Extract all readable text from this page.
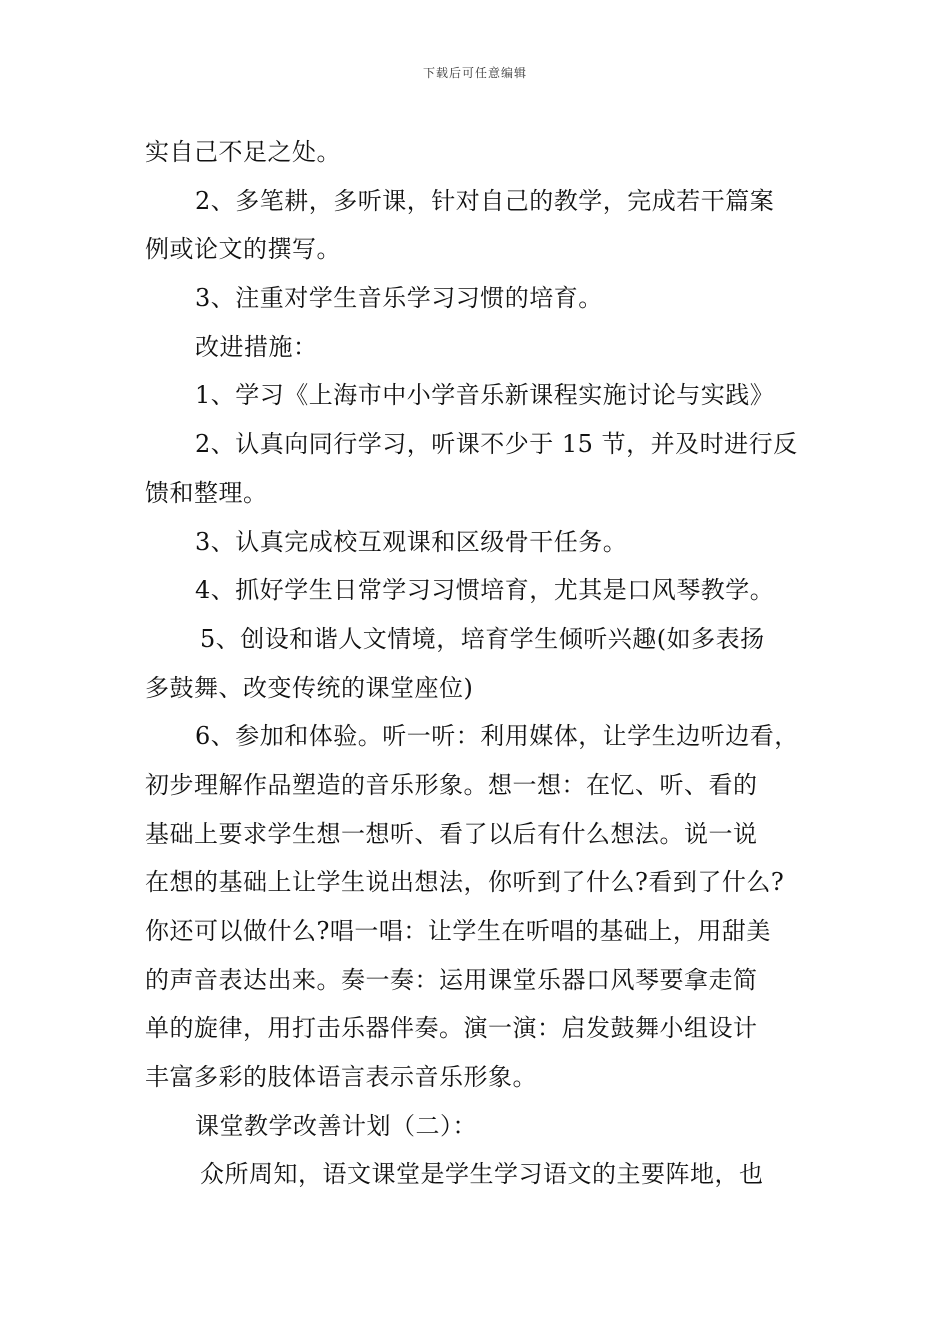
下载后可任意编辑
实自己不足之处。
2、多笔耕，多听课，针对自己的教学，完成若干篇案
例或论文的撰写。
3、注重对学生音乐学习习惯的培育。
改进措施：
1、学习《上海市中小学音乐新课程实施讨论与实践》
2、认真向同行学习，听课不少于 15 节，并及时进行反
馈和整理。
3、认真完成校互观课和区级骨干任务。
4、抓好学生日常学习习惯培育，尤其是口风琴教学。
5、创设和谐人文情境，培育学生倾听兴趣(如多表扬
多鼓舞、改变传统的课堂座位)
6、参加和体验。听一听：利用媒体，让学生边听边看，
初步理解作品塑造的音乐形象。想一想：在忆、听、看的
基础上要求学生想一想听、看了以后有什么想法。说一说
在想的基础上让学生说出想法，你听到了什么?看到了什么?
你还可以做什么?唱一唱：让学生在听唱的基础上，用甜美
的声音表达出来。奏一奏：运用课堂乐器口风琴要拿走简
单的旋律，用打击乐器伴奏。演一演：启发鼓舞小组设计
丰富多彩的肢体语言表示音乐形象。
课堂教学改善计划（二）：
众所周知，语文课堂是学生学习语文的主要阵地，也
